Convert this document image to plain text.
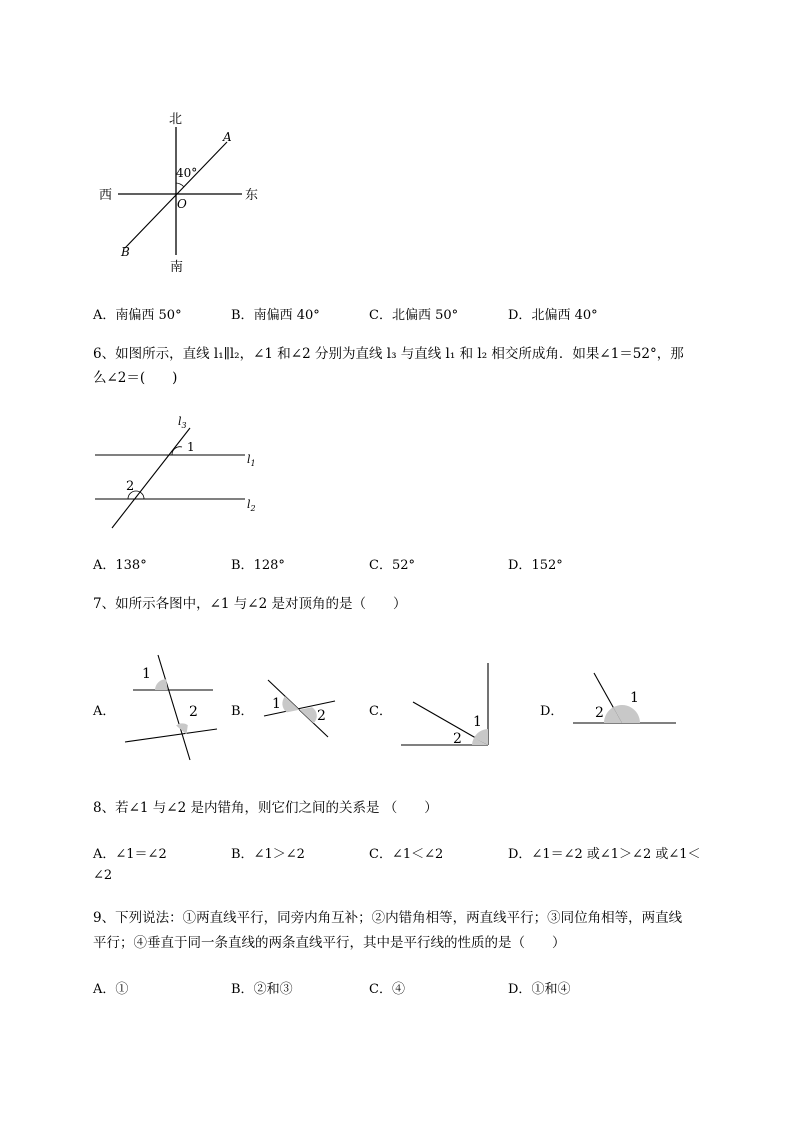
北
南
西	东
40°
O
A
B
A．南偏西 50°	B．南偏西 40°	C．北偏西 50°	D．北偏西 40°
6、如图所示，直线 l₁∥l₂，∠1 和∠2 分别为直线 l₃ 与直线 l₁ 和 l₂ 相交所成角．如果∠1＝52°，那
么∠2＝(　　)
$l_3$
$l_1$
$l_2$
1
2
A．138°	B．128°	C．52°	D．152°
7、如所示各图中，∠1 与∠2 是对顶角的是（　　）
A．
1
2	B． 1
2	C．
1
2
D．
1
2
8、若∠1 与∠2 是内错角，则它们之间的关系是 （　　）
A．∠1＝∠2	B．∠1＞∠2	C．∠1＜∠2	D．∠1＝∠2 或∠1＞∠2 或∠1＜
∠2
9、下列说法：①两直线平行，同旁内角互补；②内错角相等，两直线平行；③同位角相等，两直线
平行；④垂直于同一条直线的两条直线平行，其中是平行线的性质的是（　　）
A．①	B．②和③	C．④	D．①和④
